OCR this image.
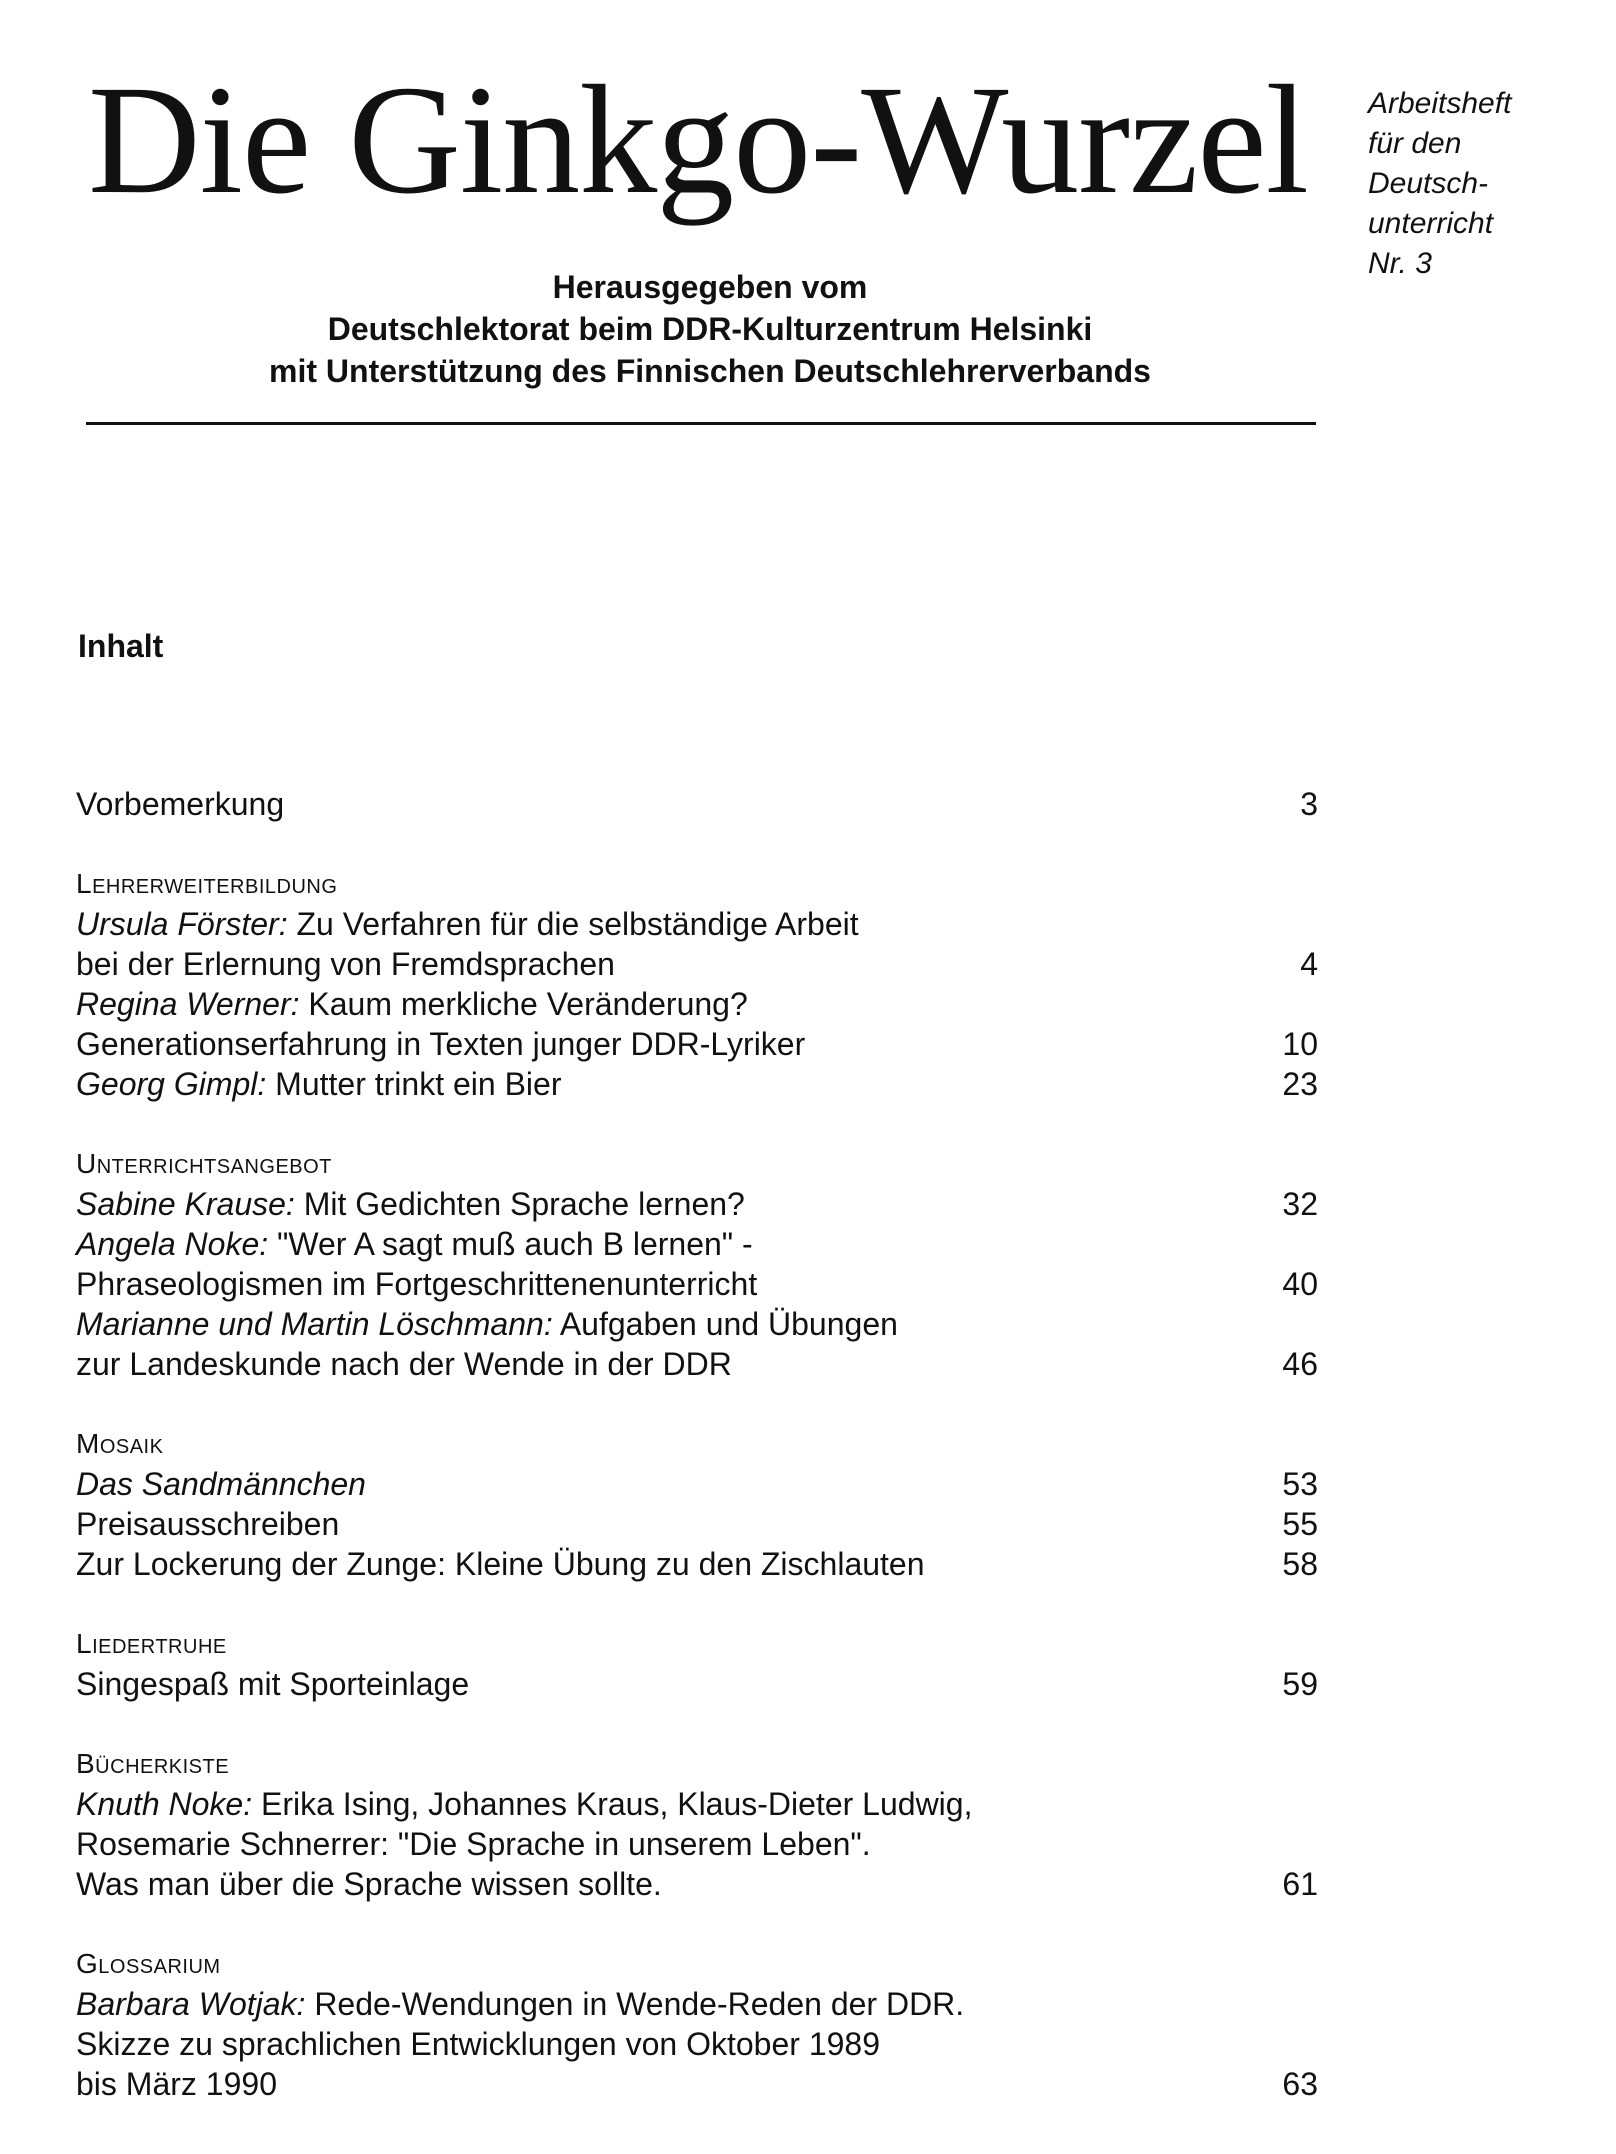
Die Ginkgo-Wurzel	Arbeitsheft
für den
Deutsch-
unterricht
Nr. 3
Herausgegeben vom
Deutschlektorat beim DDR-Kulturzentrum Helsinki
mit Unterstützung des Finnischen Deutschlehrerverbands
Inhalt
Vorbemerkung	3
Lehrerweiterbildung
Ursula Förster: Zu Verfahren für die selbständige Arbeit
bei der Erlernung von Fremdsprachen	4
Regina Werner: Kaum merkliche Veränderung?
Generationserfahrung in Texten junger DDR-Lyriker	10
Georg Gimpl: Mutter trinkt ein Bier	23
Unterrichtsangebot
Sabine Krause: Mit Gedichten Sprache lernen?	32
Angela Noke: "Wer A sagt muß auch B lernen" -
Phraseologismen im Fortgeschrittenenunterricht	40
Marianne und Martin Löschmann: Aufgaben und Übungen
zur Landeskunde nach der Wende in der DDR	46
Mosaik
Das Sandmännchen	53
Preisausschreiben	55
Zur Lockerung der Zunge: Kleine Übung zu den Zischlauten	58
Liedertruhe
Singespaß mit Sporteinlage	59
Bücherkiste
Knuth Noke: Erika Ising, Johannes Kraus, Klaus-Dieter Ludwig,
Rosemarie Schnerrer: "Die Sprache in unserem Leben".
Was man über die Sprache wissen sollte.	61
Glossarium
Barbara Wotjak: Rede-Wendungen in Wende-Reden der DDR.
Skizze zu sprachlichen Entwicklungen von Oktober 1989
bis März 1990	63
